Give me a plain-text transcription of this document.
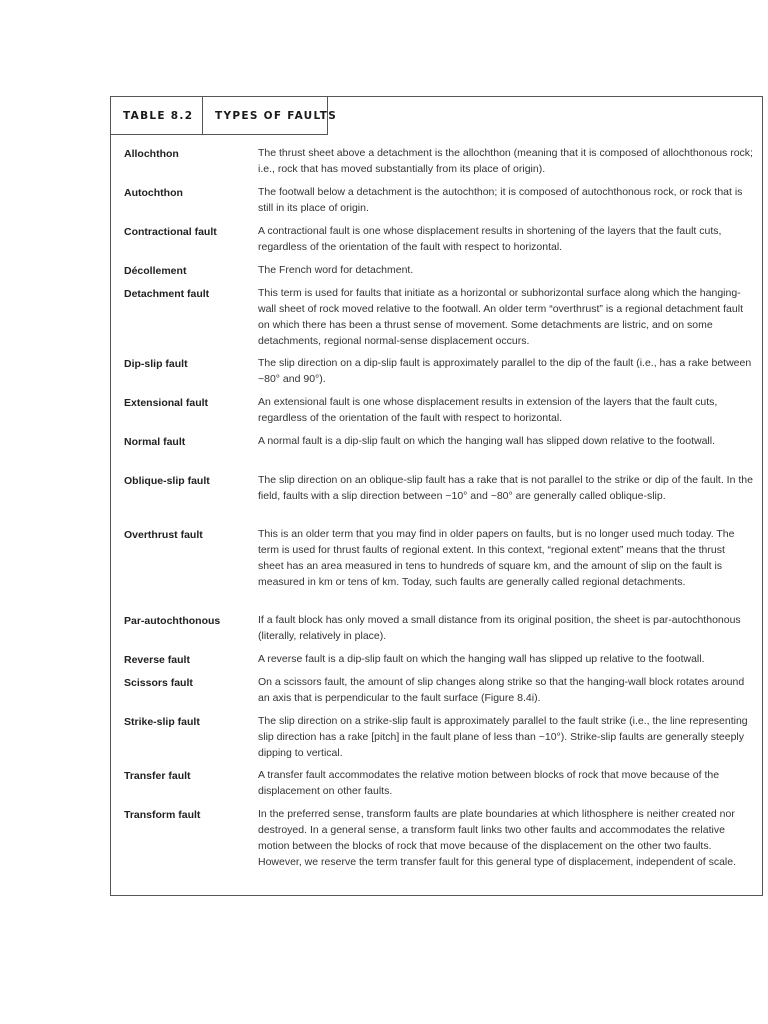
TABLE 8.2	TYPES OF FAULTS
Allochthon	The thrust sheet above a detachment is the allochthon (meaning that it is composed of allochthonous rock; i.e., rock that has moved substantially from its place of origin).
Autochthon	The footwall below a detachment is the autochthon; it is composed of autochthonous rock, or rock that is still in its place of origin.
Contractional fault	A contractional fault is one whose displacement results in shortening of the layers that the fault cuts, regardless of the orientation of the fault with respect to horizontal.
Décollement	The French word for detachment.
Detachment fault	This term is used for faults that initiate as a horizontal or subhorizontal surface along which the hanging-wall sheet of rock moved relative to the footwall. An older term “overthrust” is a regional detachment fault on which there has been a thrust sense of movement. Some detachments are listric, and on some detachments, regional normal-sense displacement occurs.
Dip-slip fault	The slip direction on a dip-slip fault is approximately parallel to the dip of the fault (i.e., has a rake between ~80° and 90°).
Extensional fault	An extensional fault is one whose displacement results in extension of the layers that the fault cuts, regardless of the orientation of the fault with respect to horizontal.
Normal fault	A normal fault is a dip-slip fault on which the hanging wall has slipped down relative to the footwall.
Oblique-slip fault	The slip direction on an oblique-slip fault has a rake that is not parallel to the strike or dip of the fault. In the field, faults with a slip direction between ~10° and ~80° are generally called oblique-slip.
Overthrust fault	This is an older term that you may find in older papers on faults, but is no longer used much today. The term is used for thrust faults of regional extent. In this context, “regional extent” means that the thrust sheet has an area measured in tens to hundreds of square km, and the amount of slip on the fault is measured in km or tens of km. Today, such faults are generally called regional detachments.
Par-autochthonous	If a fault block has only moved a small distance from its original position, the sheet is par-autochthonous (literally, relatively in place).
Reverse fault	A reverse fault is a dip-slip fault on which the hanging wall has slipped up relative to the footwall.
Scissors fault	On a scissors fault, the amount of slip changes along strike so that the hanging-wall block rotates around an axis that is perpendicular to the fault surface (Figure 8.4i).
Strike-slip fault	The slip direction on a strike-slip fault is approximately parallel to the fault strike (i.e., the line representing slip direction has a rake [pitch] in the fault plane of less than ~10°). Strike-slip faults are generally steeply dipping to vertical.
Transfer fault	A transfer fault accommodates the relative motion between blocks of rock that move because of the displacement on other faults.
Transform fault	In the preferred sense, transform faults are plate boundaries at which lithosphere is neither created nor destroyed. In a general sense, a transform fault links two other faults and accommodates the relative motion between the blocks of rock that move because of the displacement on the other two faults. However, we reserve the term transfer fault for this general type of displacement, independent of scale.
